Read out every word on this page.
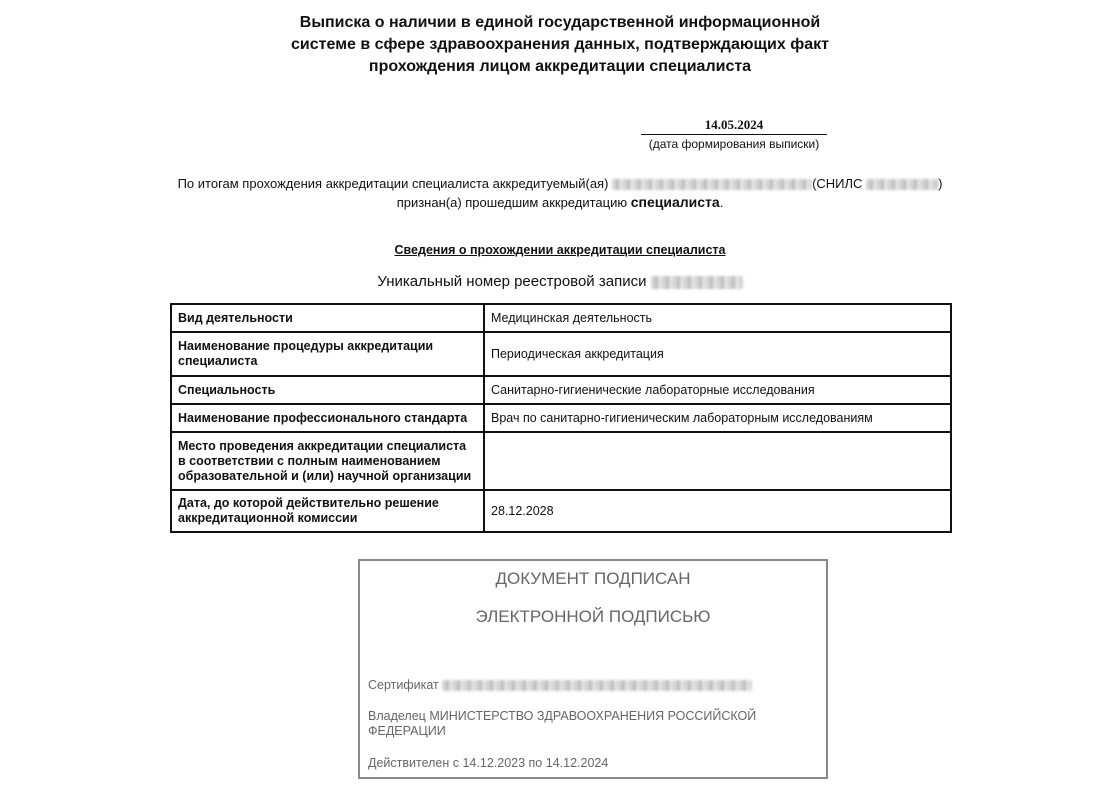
Выписка о наличии в единой государственной информационной
системе в сфере здравоохранения данных, подтверждающих факт
прохождения лицом аккредитации специалиста
14.05.2024
(дата формирования выписки)
По итогам прохождения аккредитации специалиста аккредитуемый(ая)	(СНИЛС	)
признан(а) прошедшим аккредитацию специалиста.
Сведения о прохождении аккредитации специалиста
Уникальный номер реестровой записи
Вид деятельности	Медицинская деятельность
Наименование процедуры аккредитации специалиста	Периодическая аккредитация
Специальность	Санитарно-гигиенические лабораторные исследования
Наименование профессионального стандарта	Врач по санитарно-гигиеническим лабораторным исследованиям
Место проведения аккредитации специалиста в соответствии с полным наименованием образовательной и (или) научной организации	
Дата, до которой действительно решение аккредитационной комиссии	28.12.2028
ДОКУМЕНТ ПОДПИСАН
ЭЛЕКТРОННОЙ ПОДПИСЬЮ
Сертификат
Владелец МИНИСТЕРСТВО ЗДРАВООХРАНЕНИЯ РОССИЙСКОЙ ФЕДЕРАЦИИ
Действителен с 14.12.2023 по 14.12.2024
